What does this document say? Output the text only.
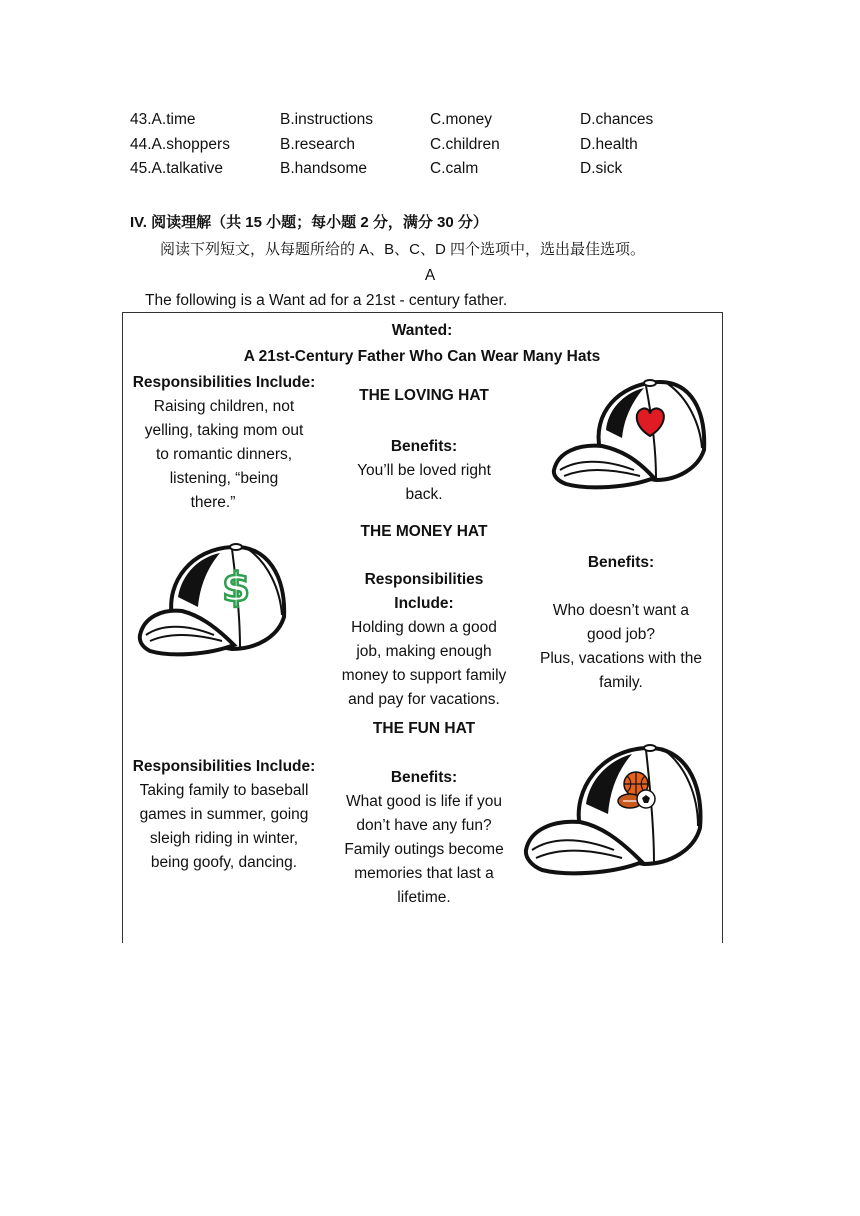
43.A.time	B.instructions	C.money	D.chances
44.A.shoppers	B.research	C.children	D.health
45.A.talkative	B.handsome	C.calm	D.sick
IV. 阅读理解（共 15 小题；每小题 2 分，满分 30 分）
阅读下列短文，从每题所给的 A、B、C、D 四个选项中，选出最佳选项。
A
The following is a Want ad for a 21st - century father.
Wanted:
A 21st-Century Father Who Can Wear Many Hats
Responsibilities Include:
Raising children, not
yelling, taking mom out
to romantic dinners,
listening, “being
there.”
THE LOVING HAT
Benefits:
You’ll be loved right
back.
THE MONEY HAT
$	Responsibilities
Include:
Holding down a good
job, making enough
money to support family
and pay for vacations.
Benefits:
Who doesn’t want a
good job?
Plus, vacations with the
family.
THE FUN HAT
Responsibilities Include:
Taking family to baseball
games in summer, going
sleigh riding in winter,
being goofy, dancing.
Benefits:
What good is life if you
don’t have any fun?
Family outings become
memories that last a
lifetime.
